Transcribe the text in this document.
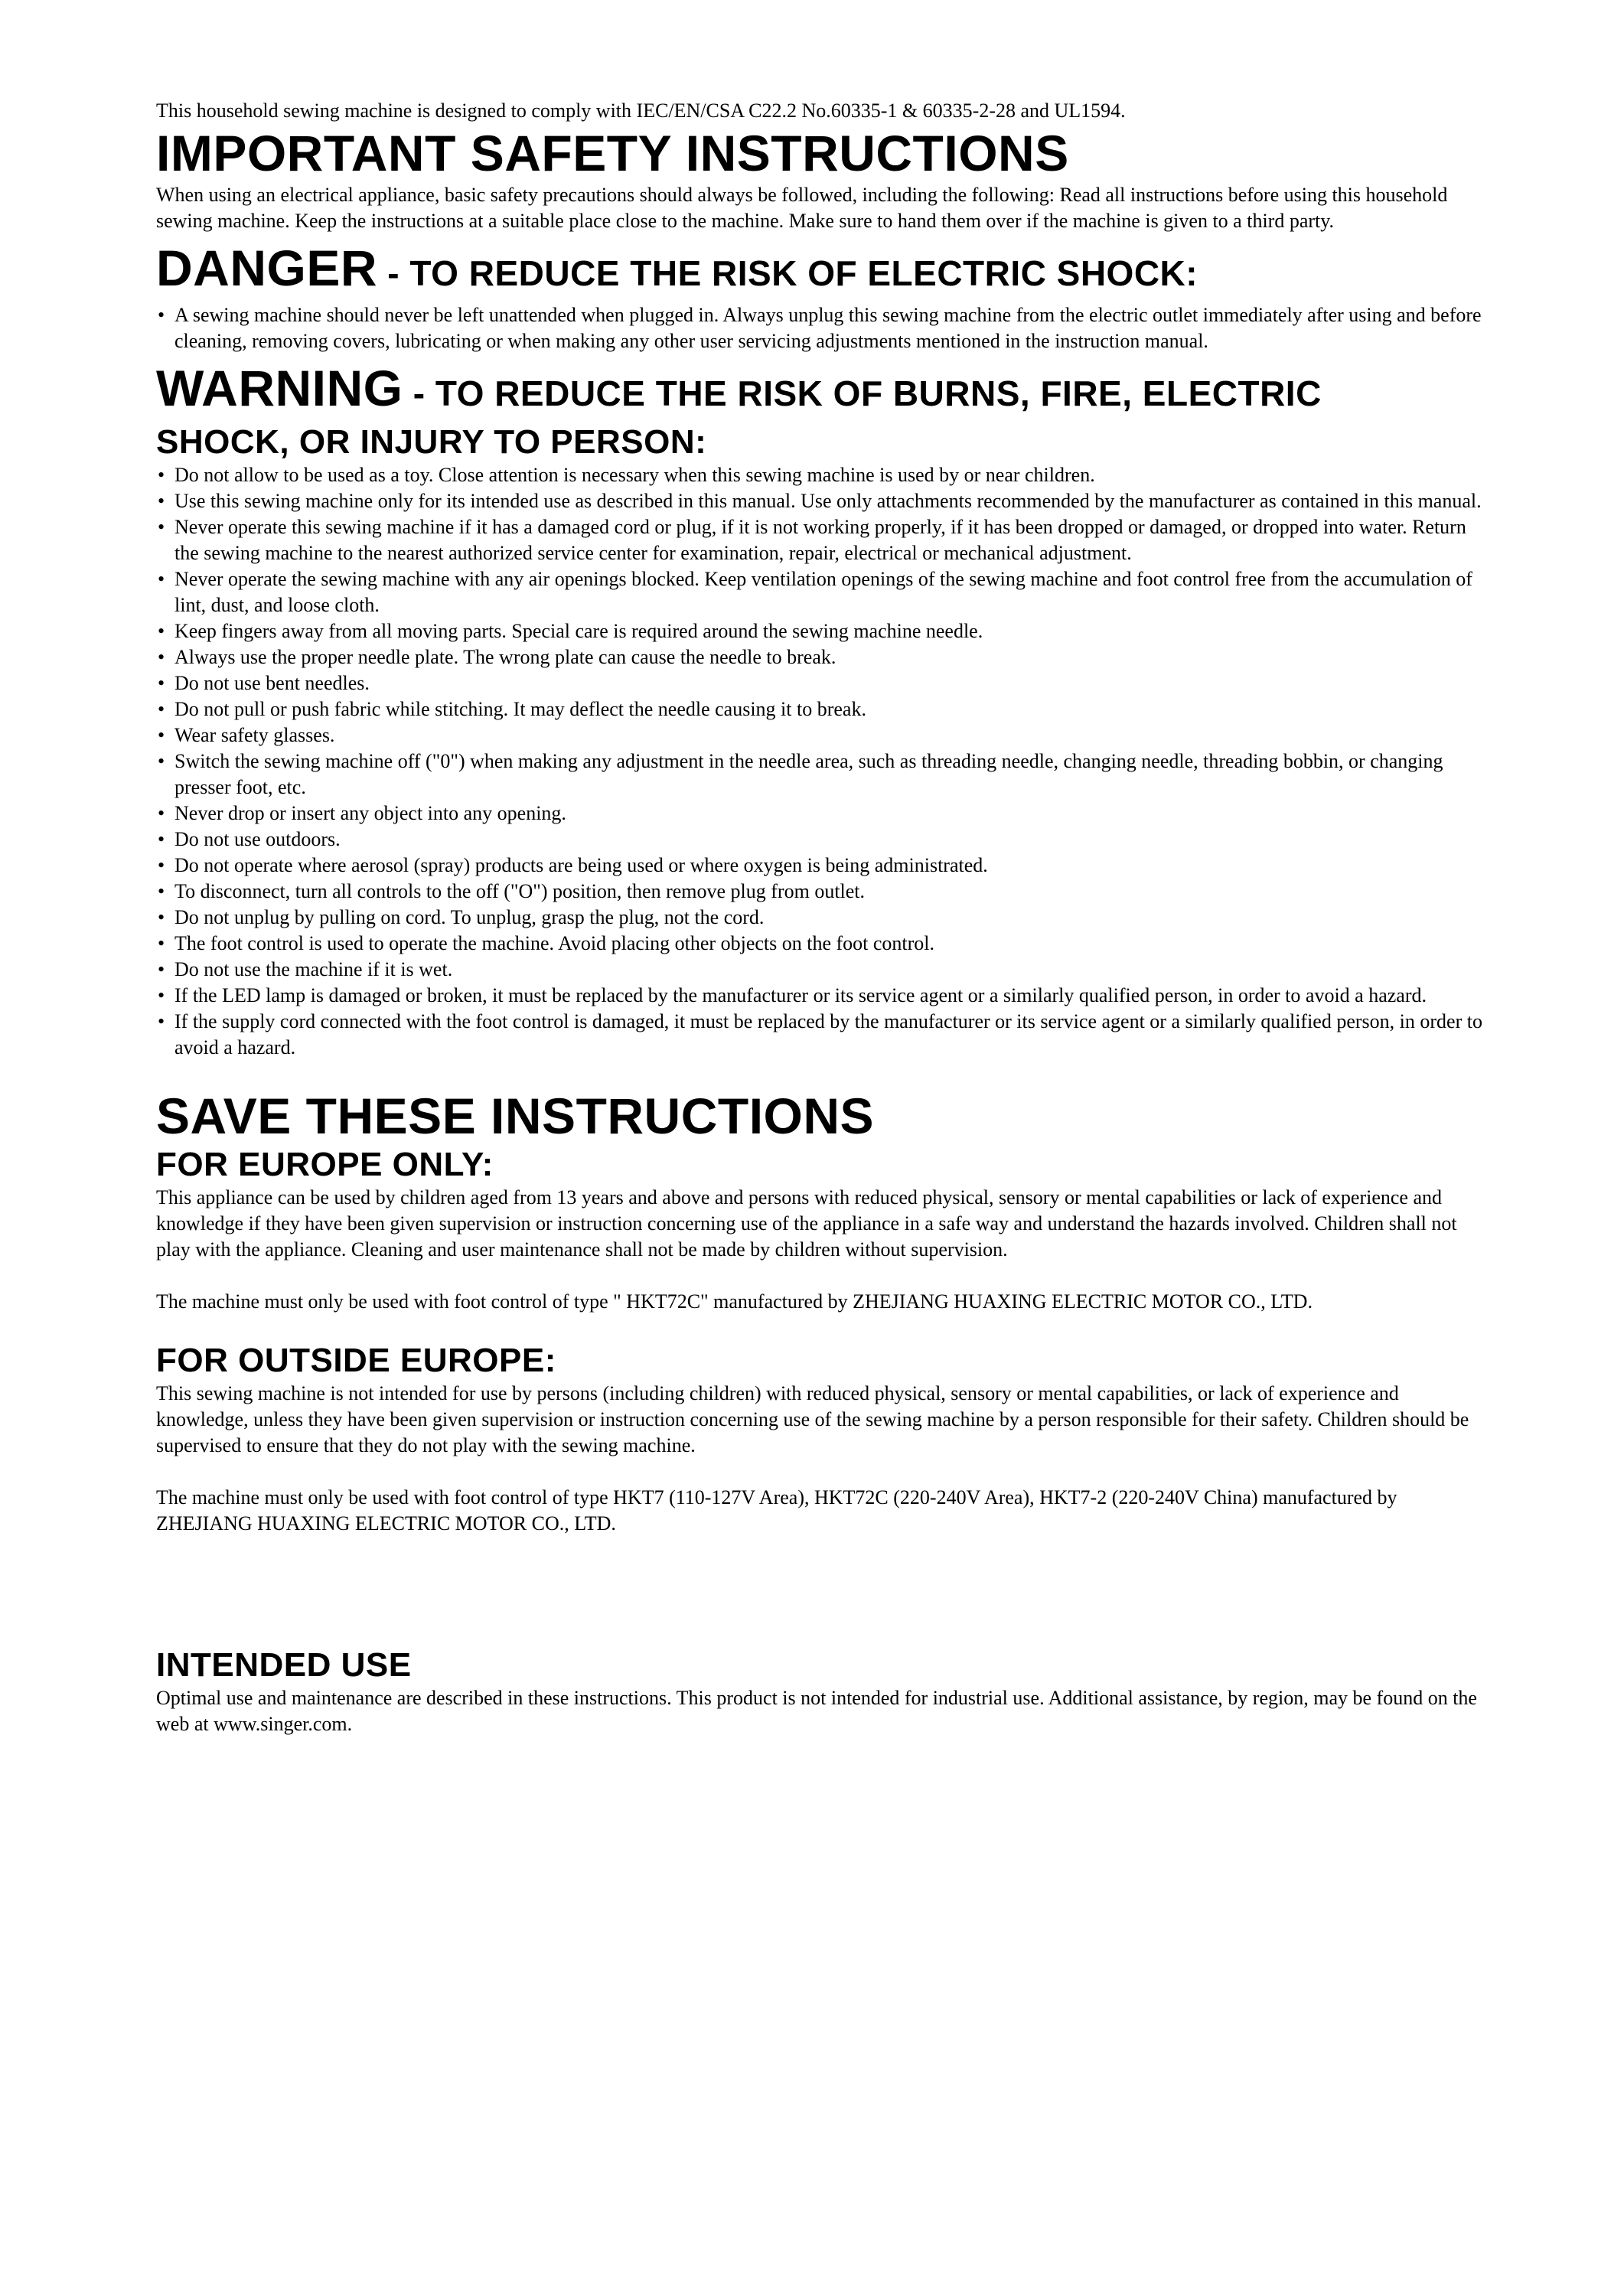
This household sewing machine is designed to comply with IEC/EN/CSA C22.2 No.60335-1 & 60335-2-28 and UL1594.

IMPORTANT SAFETY INSTRUCTIONS

When using an electrical appliance, basic safety precautions should always be followed, including the following: Read all instructions before using this household sewing machine. Keep the instructions at a suitable place close to the machine. Make sure to hand them over if the machine is given to a third party.

DANGER - TO REDUCE THE RISK OF ELECTRIC SHOCK:
• A sewing machine should never be left unattended when plugged in. Always unplug this sewing machine from the electric outlet immediately after using and before cleaning, removing covers, lubricating or when making any other user servicing adjustments mentioned in the instruction manual.
WARNING - TO REDUCE THE RISK OF BURNS, FIRE, ELECTRIC
SHOCK, OR INJURY TO PERSON:
• Do not allow to be used as a toy. Close attention is necessary when this sewing machine is used by or near children.
• Use this sewing machine only for its intended use as described in this manual. Use only attachments recommended by the manufacturer as contained in this manual.
• Never operate this sewing machine if it has a damaged cord or plug, if it is not working properly, if it has been dropped or damaged, or dropped into water. Return the sewing machine to the nearest authorized service center for examination, repair, electrical or mechanical adjustment.
• Never operate the sewing machine with any air openings blocked. Keep ventilation openings of the sewing machine and foot control free from the accumulation of lint, dust, and loose cloth.
• Keep fingers away from all moving parts. Special care is required around the sewing machine needle.
• Always use the proper needle plate. The wrong plate can cause the needle to break.
• Do not use bent needles.
• Do not pull or push fabric while stitching. It may deflect the needle causing it to break.
• Wear safety glasses.
• Switch the sewing machine off ("0") when making any adjustment in the needle area, such as threading needle, changing needle, threading bobbin, or changing presser foot, etc.
• Never drop or insert any object into any opening.
• Do not use outdoors.
• Do not operate where aerosol (spray) products are being used or where oxygen is being administrated.
• To disconnect, turn all controls to the off ("O") position, then remove plug from outlet.
• Do not unplug by pulling on cord. To unplug, grasp the plug, not the cord.
• The foot control is used to operate the machine. Avoid placing other objects on the foot control.
• Do not use the machine if it is wet.
• If the LED lamp is damaged or broken, it must be replaced by the manufacturer or its service agent or a similarly qualified person, in order to avoid a hazard.
• If the supply cord connected with the foot control is damaged, it must be replaced by the manufacturer or its service agent or a similarly qualified person, in order to avoid a hazard.
SAVE THESE INSTRUCTIONS
FOR EUROPE ONLY:

This appliance can be used by children aged from 13 years and above and persons with reduced physical, sensory or mental capabilities or lack of experience and knowledge if they have been given supervision or instruction concerning use of the appliance in a safe way and understand the hazards involved. Children shall not play with the appliance. Cleaning and user maintenance shall not be made by children without supervision.

The machine must only be used with foot control of type " HKT72C" manufactured by ZHEJIANG HUAXING ELECTRIC MOTOR CO., LTD.

FOR OUTSIDE EUROPE:

This sewing machine is not intended for use by persons (including children) with reduced physical, sensory or mental capabilities, or lack of experience and knowledge, unless they have been given supervision or instruction concerning use of the sewing machine by a person responsible for their safety. Children should be supervised to ensure that they do not play with the sewing machine.

The machine must only be used with foot control of type HKT7 (110-127V Area), HKT72C (220-240V Area), HKT7-2 (220-240V China) manufactured by ZHEJIANG HUAXING ELECTRIC MOTOR CO., LTD.

INTENDED USE

Optimal use and maintenance are described in these instructions. This product is not intended for industrial use. Additional assistance, by region, may be found on the web at www.singer.com.
